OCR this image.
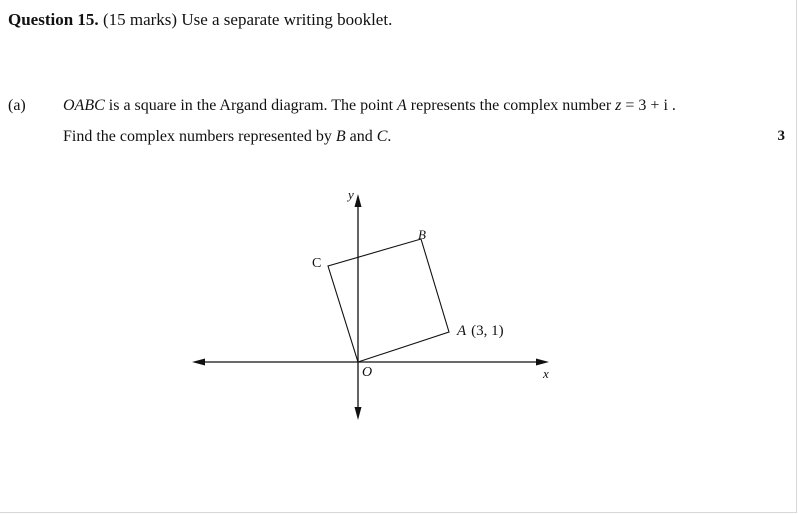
Question 15. (15 marks) Use a separate writing booklet.
(a) OABC is a square in the Argand diagram. The point A represents the complex number z = 3 + i .
Find the complex numbers represented by B and C.	3
y
x
O
B
C
A (3, 1)
